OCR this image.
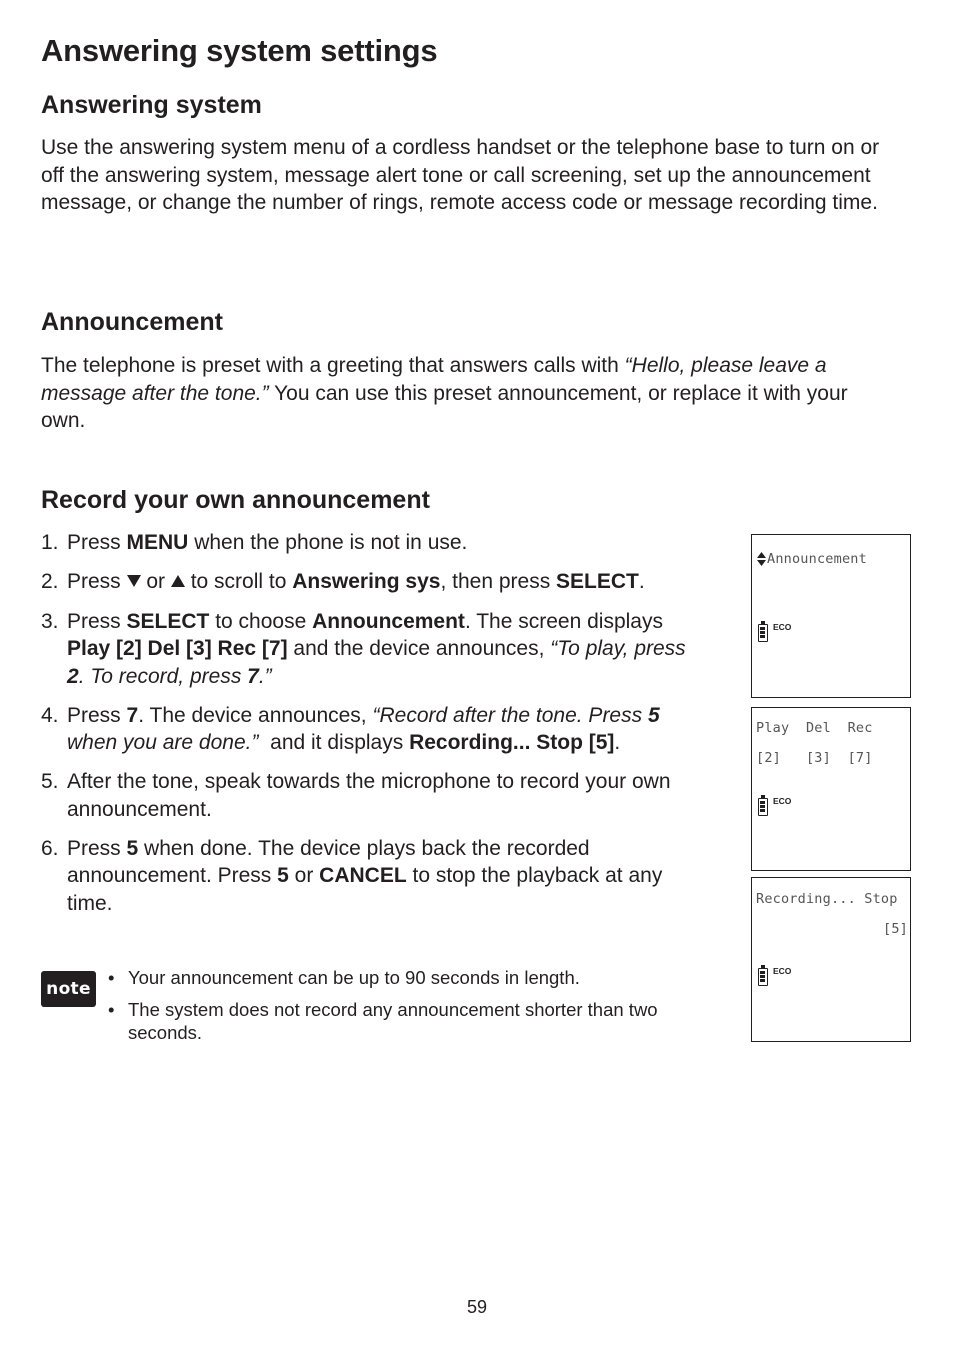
Answering system settings
Answering system

Use the answering system menu of a cordless handset or the telephone base to turn on or off the answering system, message alert tone or call screening, set up the announcement message, or change the number of rings, remote access code or message recording time.

Announcement

The telephone is preset with a greeting that answers calls with “Hello, please leave a message after the tone.” You can use this preset announcement, or replace it with your own.

Record your own announcement
1. Press MENU when the phone is not in use.
2. Press  or  to scroll to Answering sys, then press SELECT.
3. Press SELECT to choose Announcement. The screen displays Play [2] Del [3] Rec [7] and the device announces, “To play, press 2. To record, press 7.”
4. Press 7. The device announces, “Record after the tone. Press 5 when you are done.”  and it displays Recording... Stop [5].
5. After the tone, speak towards the microphone to record your own announcement.
6. Press 5 when done. The device plays back the recorded announcement. Press 5 or CANCEL to stop the playback at any time.
note
• Your announcement can be up to 90 seconds in length.
• The system does not record any announcement shorter than two seconds.
Announcement
ECO
Play  Del  Rec
[2]   [3]  [7]
ECO
Recording... Stop
[5]
ECO
59
